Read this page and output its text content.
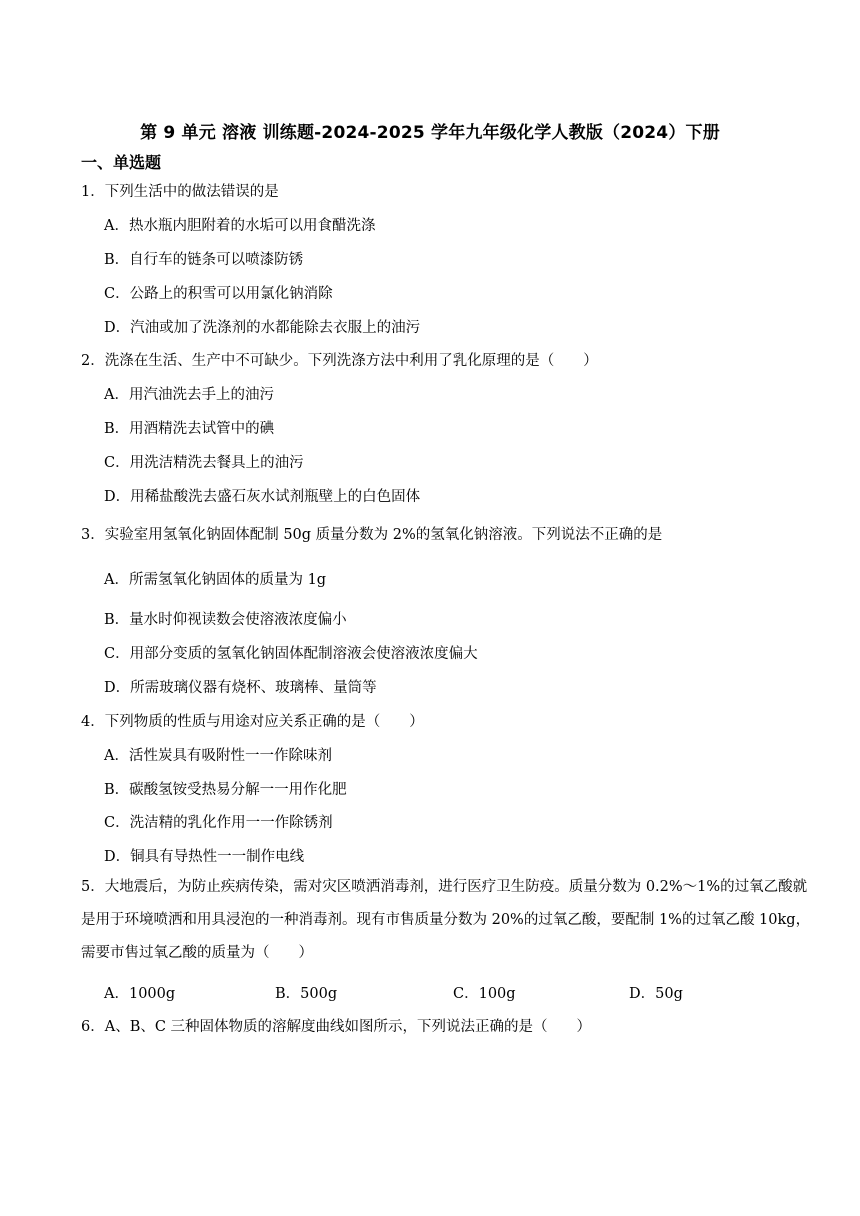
第 9 单元 溶液 训练题-2024-2025 学年九年级化学人教版（2024）下册
一、单选题
1．下列生活中的做法错误的是
A．热水瓶内胆附着的水垢可以用食醋洗涤
B．自行车的链条可以喷漆防锈
C．公路上的积雪可以用氯化钠消除
D．汽油或加了洗涤剂的水都能除去衣服上的油污
2．洗涤在生活、生产中不可缺少。下列洗涤方法中利用了乳化原理的是（　　）
A．用汽油洗去手上的油污
B．用酒精洗去试管中的碘
C．用洗洁精洗去餐具上的油污
D．用稀盐酸洗去盛石灰水试剂瓶壁上的白色固体
3．实验室用氢氧化钠固体配制 50g 质量分数为 2%的氢氧化钠溶液。下列说法不正确的是
A．所需氢氧化钠固体的质量为 1g
B．量水时仰视读数会使溶液浓度偏小
C．用部分变质的氢氧化钠固体配制溶液会使溶液浓度偏大
D．所需玻璃仪器有烧杯、玻璃棒、量筒等
4．下列物质的性质与用途对应关系正确的是（　　）
A．活性炭具有吸附性一一作除味剂
B．碳酸氢铵受热易分解一一用作化肥
C．洗洁精的乳化作用一一作除锈剂
D．铜具有导热性一一制作电线
5．大地震后，为防止疾病传染，需对灾区喷洒消毒剂，进行医疗卫生防疫。质量分数为 0.2%～1%的过氧乙酸就是用于环境喷洒和用具浸泡的一种消毒剂。现有市售质量分数为 20%的过氧乙酸，要配制 1%的过氧乙酸 10kg，需要市售过氧乙酸的质量为（　　）
A．1000g	B．500g	C．100g	D．50g
6．A、B、C 三种固体物质的溶解度曲线如图所示，下列说法正确的是（　　）
